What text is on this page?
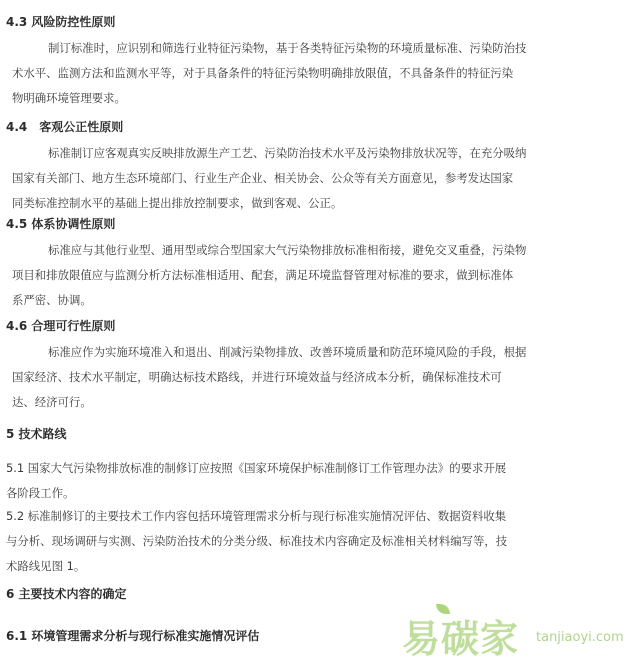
4.3 风险防控性原则
制订标准时，应识别和筛选行业特征污染物，基于各类特征污染物的环境质量标准、污染防治技
术水平、监测方法和监测水平等，对于具备条件的特征污染物明确排放限值，不具备条件的特征污染
物明确环境管理要求。
4.4　客观公正性原则
标准制订应客观真实反映排放源生产工艺、污染防治技术水平及污染物排放状况等，在充分吸纳
国家有关部门、地方生态环境部门、行业生产企业、相关协会、公众等有关方面意见，参考发达国家
同类标准控制水平的基础上提出排放控制要求，做到客观、公正。
4.5 体系协调性原则
标准应与其他行业型、通用型或综合型国家大气污染物排放标准相衔接，避免交叉重叠，污染物
项目和排放限值应与监测分析方法标准相适用、配套，满足环境监督管理对标准的要求，做到标准体
系严密、协调。
4.6 合理可行性原则
标准应作为实施环境准入和退出、削减污染物排放、改善环境质量和防范环境风险的手段，根据
国家经济、技术水平制定，明确达标技术路线，并进行环境效益与经济成本分析，确保标准技术可
达、经济可行。
5 技术路线
5.1 国家大气污染物排放标准的制修订应按照《国家环境保护标准制修订工作管理办法》的要求开展
各阶段工作。
5.2 标准制修订的主要技术工作内容包括环境管理需求分析与现行标准实施情况评估、数据资料收集
与分析、现场调研与实测、污染防治技术的分类分级、标准技术内容确定及标准相关材料编写等，技
术路线见图 1。
6 主要技术内容的确定
6.1 环境管理需求分析与现行标准实施情况评估	易碳家 tanjiaoyi.com
